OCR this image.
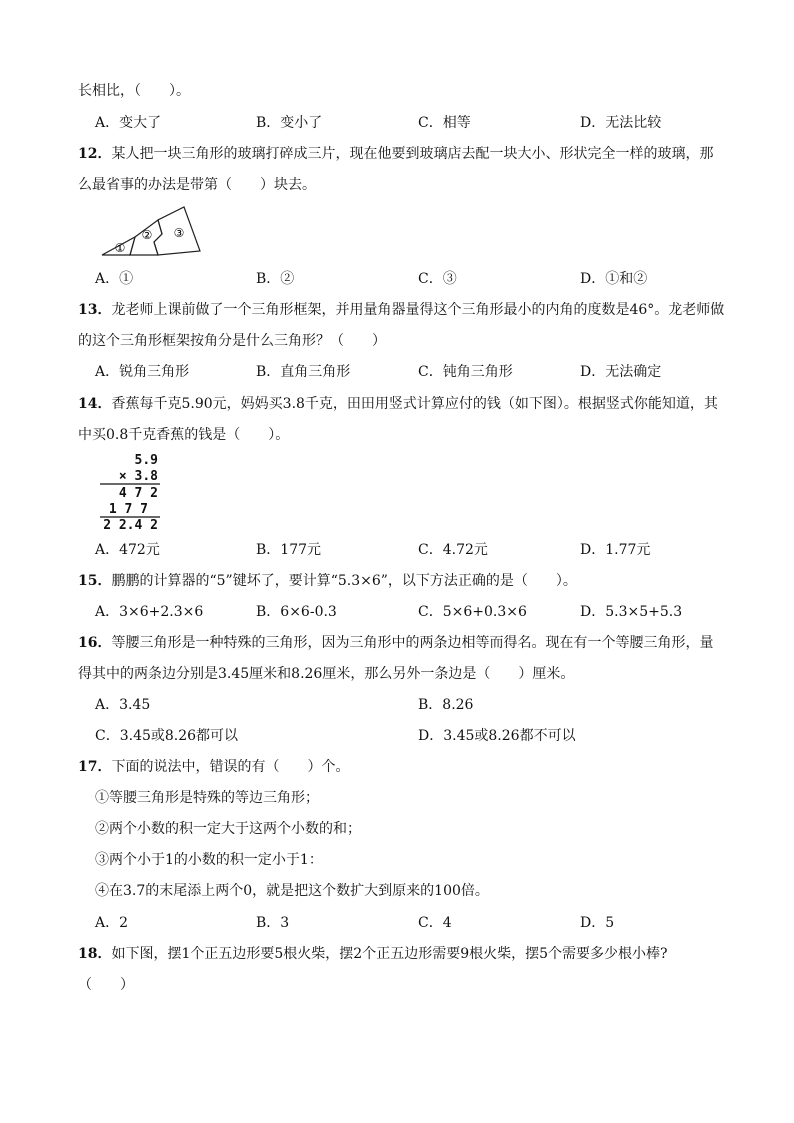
长相比，（　　）。
A．变大了	B．变小了	C．相等	D．无法比较
12．某人把一块三角形的玻璃打碎成三片，现在他要到玻璃店去配一块大小、形状完全一样的玻璃，那
么最省事的办法是带第（　　）块去。
①
② ③
A．①	B．②	C．③	D．①和②
13．龙老师上课前做了一个三角形框架，并用量角器量得这个三角形最小的内角的度数是46°。龙老师做
的这个三角形框架按角分是什么三角形？（　　）
A．锐角三角形	B．直角三角形	C．钝角三角形	D．无法确定
14．香蕉每千克5.90元，妈妈买3.8千克，田田用竖式计算应付的钱（如下图）。根据竖式你能知道，其
中买0.8千克香蕉的钱是（　　）。
5.9
× 3.8
4 7 2
1 7 7
2 2.4 2
A．472元	B．177元	C．4.72元	D．1.77元
15．鹏鹏的计算器的“5”键坏了，要计算“5.3×6”，以下方法正确的是（　　）。
A．3×6+2.3×6	B．6×6-0.3	C．5×6+0.3×6	D．5.3×5+5.3
16．等腰三角形是一种特殊的三角形，因为三角形中的两条边相等而得名。现在有一个等腰三角形，量
得其中的两条边分别是3.45厘米和8.26厘米，那么另外一条边是（　　）厘米。
A．3.45	B．8.26
C．3.45或8.26都可以	D．3.45或8.26都不可以
17．下面的说法中，错误的有（　　）个。
①等腰三角形是特殊的等边三角形；
②两个小数的积一定大于这两个小数的和；
③两个小于1的小数的积一定小于1：
④在3.7的末尾添上两个0，就是把这个数扩大到原来的100倍。
A．2	B．3	C．4	D．5
18．如下图，摆1个正五边形要5根火柴，摆2个正五边形需要9根火柴，摆5个需要多少根小棒?
（　　）
